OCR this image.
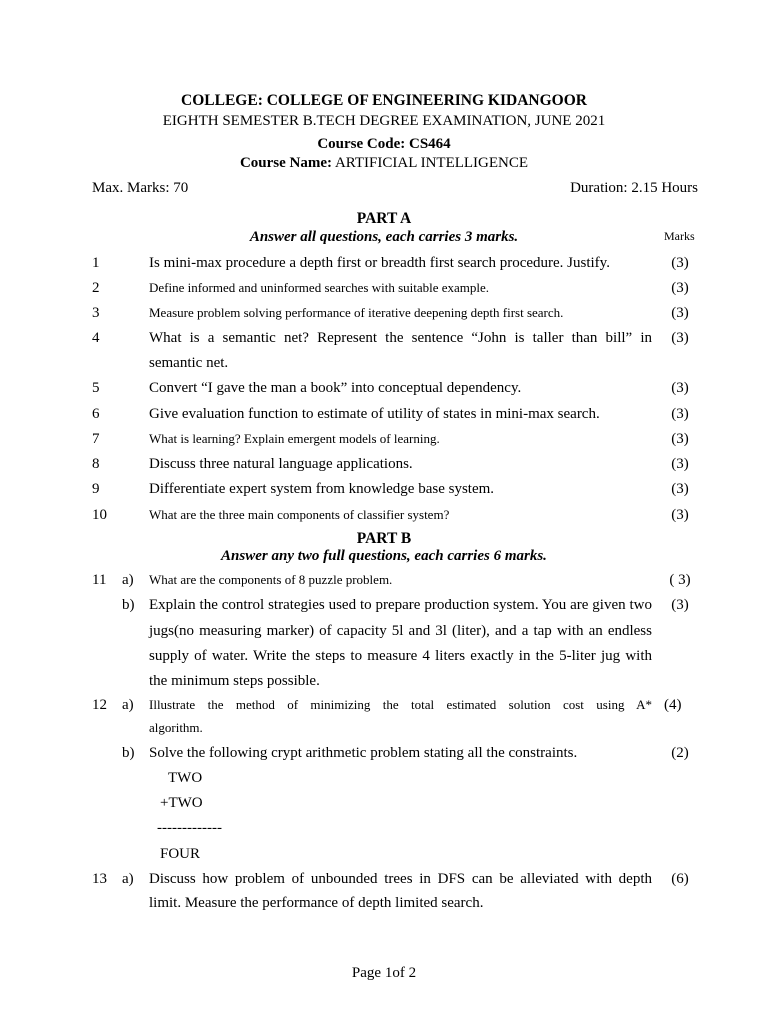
COLLEGE: COLLEGE OF ENGINEERING KIDANGOOR
EIGHTH SEMESTER B.TECH DEGREE EXAMINATION, JUNE 2021
Course Code: CS464
Course Name: ARTIFICIAL INTELLIGENCE
Max. Marks: 70	Duration: 2.15 Hours
PART A
Answer all questions, each carries 3 marks.	Marks
1	Is mini-max procedure a depth first or breadth first search procedure. Justify.	(3)
2	Define informed and uninformed searches with suitable example.	(3)
3	Measure problem solving performance of iterative deepening depth first search.	(3)
4	What is a semantic net? Represent the sentence “John is taller than bill” in
semantic net.
(3)
5	Convert “I gave the man a book” into conceptual dependency.	(3)
6	Give evaluation function to estimate of utility of states in mini-max search.	(3)
7	What is learning? Explain emergent models of learning.	(3)
8	Discuss three natural language applications.	(3)
9	Differentiate expert system from knowledge base system.	(3)
10	What are the three main components of classifier system?	(3)
PART B
Answer any two full questions, each carries 6 marks.
11 a) What are the components of 8 puzzle problem.	( 3)
b) Explain the control strategies used to prepare production system. You are given two
jugs(no measuring marker) of capacity 5l and 3l (liter), and a tap with an endless
supply of water. Write the steps to measure 4 liters exactly in the 5-liter jug with
the minimum steps possible.
(3)
12 a) Illustrate the method of minimizing the total estimated solution cost using A*
algorithm.
(4)
b) Solve the following crypt arithmetic problem stating all the constraints.	(2)
TWO
+TWO
-------------
FOUR
13 a) Discuss how problem of unbounded trees in DFS can be alleviated with depth
limit. Measure the performance of depth limited search.
(6)
Page 1of 2
